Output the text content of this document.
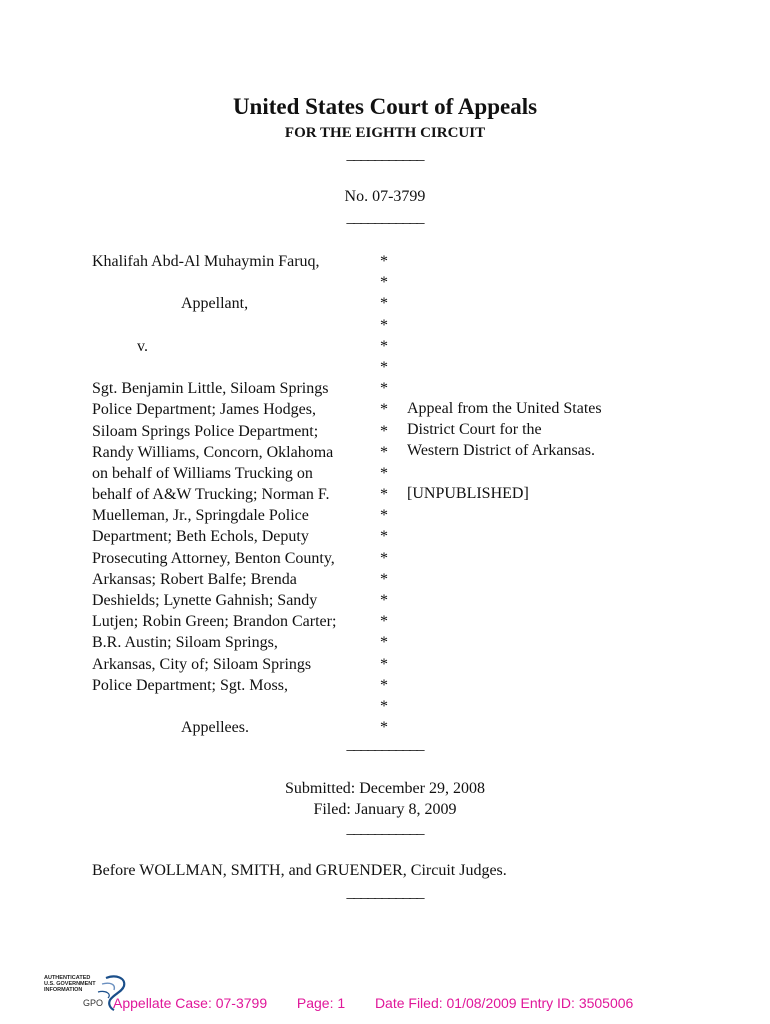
United States Court of Appeals
FOR THE EIGHTH CIRCUIT
___________
No. 07-3799
___________
Khalifah Abd-Al Muhaymin Faruq,
Appellant,
v.
Sgt. Benjamin Little, Siloam Springs
Police Department; James Hodges,
Siloam Springs Police Department;
Randy Williams, Concorn, Oklahoma
on behalf of Williams Trucking on
behalf of A&W Trucking; Norman F.
Muelleman, Jr., Springdale Police
Department; Beth Echols, Deputy
Prosecuting Attorney, Benton County,
Arkansas; Robert Balfe; Brenda
Deshields; Lynette Gahnish; Sandy
Lutjen; Robin Green; Brandon Carter;
B.R. Austin; Siloam Springs,
Arkansas, City of; Siloam Springs
Police Department; Sgt. Moss,
Appellees.
*
*
*
*
*
*
*
*
*
*
*
*
*
*
*
*
*
*
*
*
*
*
*
Appeal from the United States
District Court for the
Western District of Arkansas.
[UNPUBLISHED]
___________
Submitted: December 29, 2008
Filed: January 8, 2009
___________
Before WOLLMAN, SMITH, and GRUENDER, Circuit Judges.
___________
AUTHENTICATED
U.S. GOVERNMENT
INFORMATION
GPO Appellate Case: 07-3799 Page: 1 Date Filed: 01/08/2009 Entry ID: 3505006
